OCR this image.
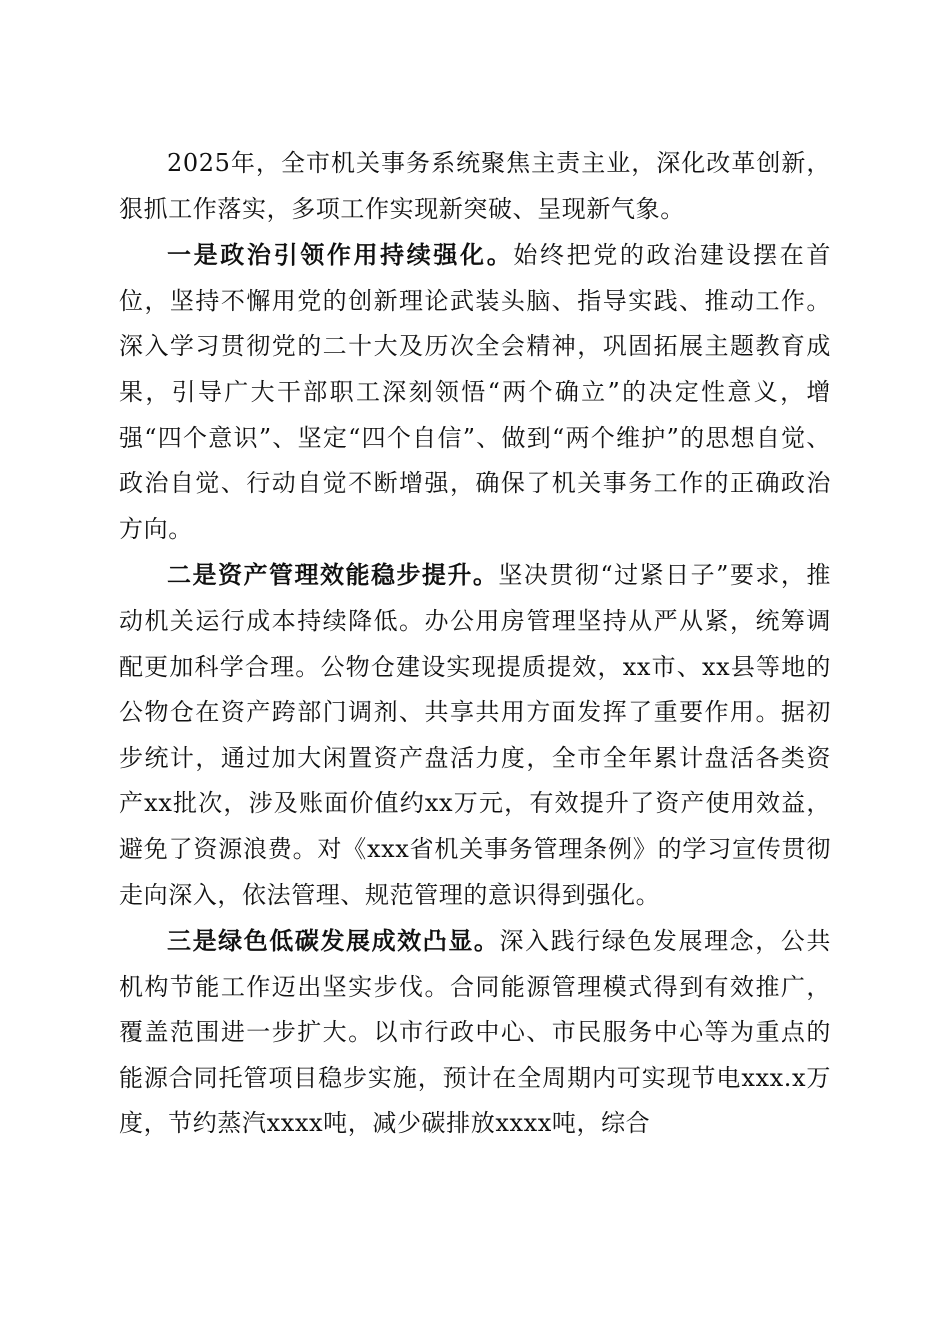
2025年，全市机关事务系统聚焦主责主业，深化改革创新，狠抓工作落实，多项工作实现新突破、呈现新气象。

一是政治引领作用持续强化。始终把党的政治建设摆在首位，坚持不懈用党的创新理论武装头脑、指导实践、推动工作。深入学习贯彻党的二十大及历次全会精神，巩固拓展主题教育成果，引导广大干部职工深刻领悟“两个确立”的决定性意义，增强“四个意识”、坚定“四个自信”、做到“两个维护”的思想自觉、政治自觉、行动自觉不断增强，确保了机关事务工作的正确政治方向。

二是资产管理效能稳步提升。坚决贯彻“过紧日子”要求，推动机关运行成本持续降低。办公用房管理坚持从严从紧，统筹调配更加科学合理。公物仓建设实现提质提效，xx市、xx县等地的公物仓在资产跨部门调剂、共享共用方面发挥了重要作用。据初步统计，通过加大闲置资产盘活力度，全市全年累计盘活各类资产xx批次，涉及账面价值约xx万元，有效提升了资产使用效益，避免了资源浪费。对《xxx省机关事务管理条例》的学习宣传贯彻走向深入，依法管理、规范管理的意识得到强化。

三是绿色低碳发展成效凸显。深入践行绿色发展理念，公共机构节能工作迈出坚实步伐。合同能源管理模式得到有效推广，覆盖范围进一步扩大。以市行政中心、市民服务中心等为重点的能源合同托管项目稳步实施，预计在全周期内可实现节电xxx.x万度，节约蒸汽xxxx吨，减少碳排放xxxx吨，综合
